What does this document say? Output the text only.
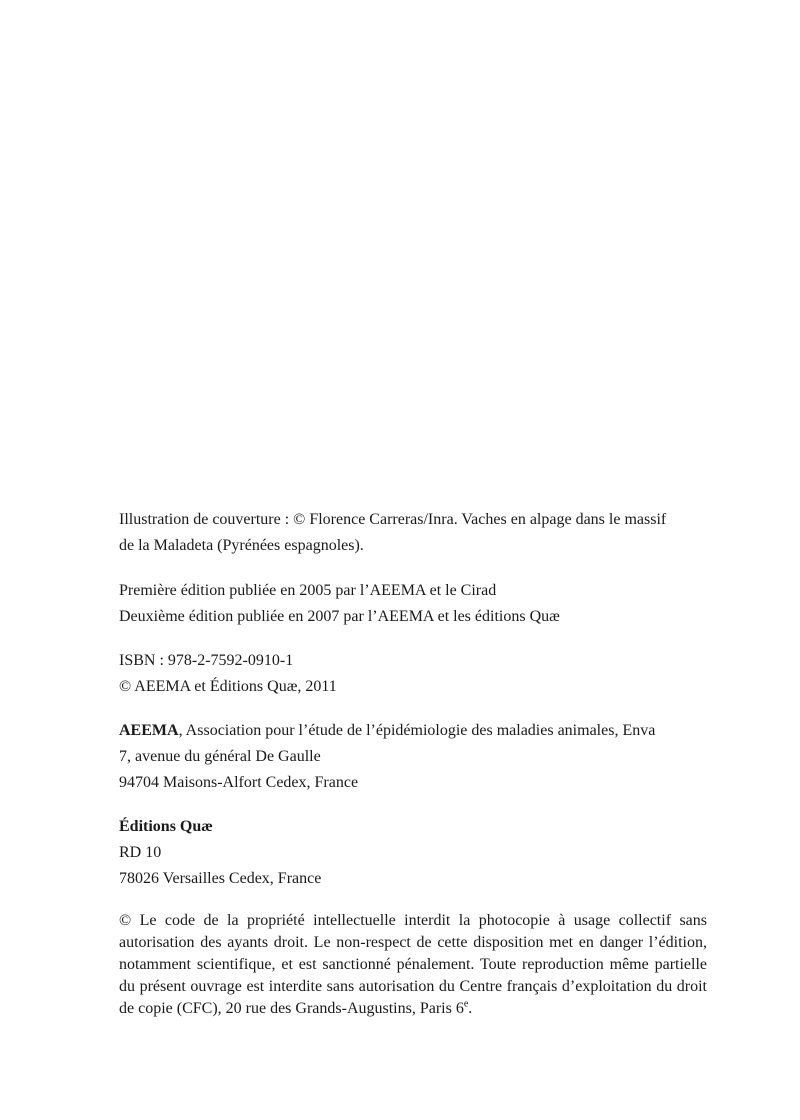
Illustration de couverture : © Florence Carreras/Inra. Vaches en alpage dans le massif

de la Maladeta (Pyrénées espagnoles).

Première édition publiée en 2005 par l’AEEMA et le Cirad

Deuxième édition publiée en 2007 par l’AEEMA et les éditions Quæ

ISBN : 978-2-7592-0910-1

© AEEMA et Éditions Quæ, 2011

AEEMA, Association pour l’étude de l’épidémiologie des maladies animales, Enva

7, avenue du général De Gaulle

94704 Maisons-Alfort Cedex, France

Éditions Quæ

RD 10

78026 Versailles Cedex, France

© Le code de la propriété intellectuelle interdit la photocopie à usage collectif sans autorisation des ayants droit. Le non-respect de cette disposition met en danger l’édition, notamment scientifique, et est sanctionné pénalement. Toute reproduction même partielle du présent ouvrage est interdite sans autorisation du Centre français d’exploitation du droit de copie (CFC), 20 rue des Grands-Augustins, Paris 6e.
